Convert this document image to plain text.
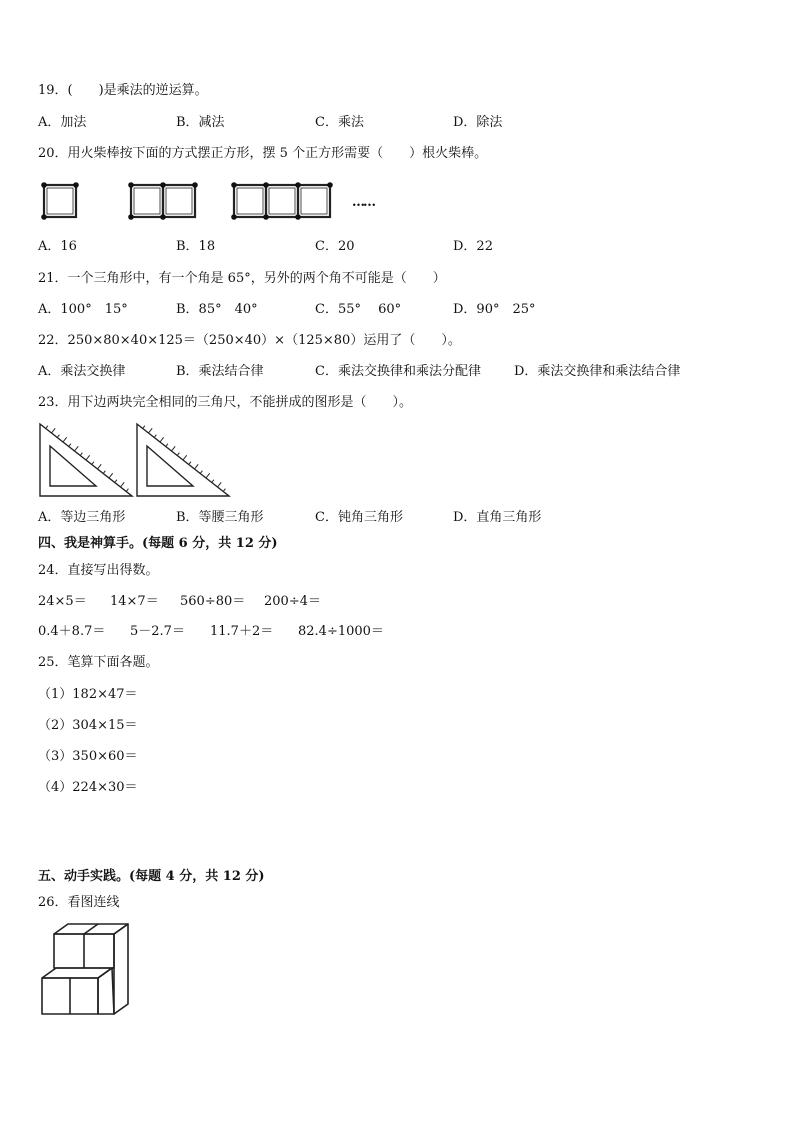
19．(　　)是乘法的逆运算。
A．加法	B．减法	C．乘法	D．除法
20．用火柴棒按下面的方式摆正方形，摆 5 个正方形需要（　　）根火柴棒。
……
A．16	B．18	C．20	D．22
21．一个三角形中，有一个角是 65°，另外的两个角不可能是（　　）
A．100°　15°	B．85°　40°	C．55°　 60°	D．90°　25°
22．250×80×40×125＝（250×40）×（125×80）运用了（　　）。
A．乘法交换律	B．乘法结合律	C．乘法交换律和乘法分配律	D．乘法交换律和乘法结合律
23．用下边两块完全相同的三角尺，不能拼成的图形是（　　）。
A．等边三角形	B．等腰三角形	C．钝角三角形	D．直角三角形
四、我是神算手。(每题 6 分，共 12 分)
24．直接写出得数。
24×5＝ 14×7＝ 560÷80＝ 200÷4＝
0.4＋8.7＝ 5－2.7＝ 11.7＋2＝ 82.4÷1000＝
25．笔算下面各题。
（1）182×47＝
（2）304×15＝
（3）350×60＝
（4）224×30＝
五、动手实践。(每题 4 分，共 12 分)
26．看图连线
